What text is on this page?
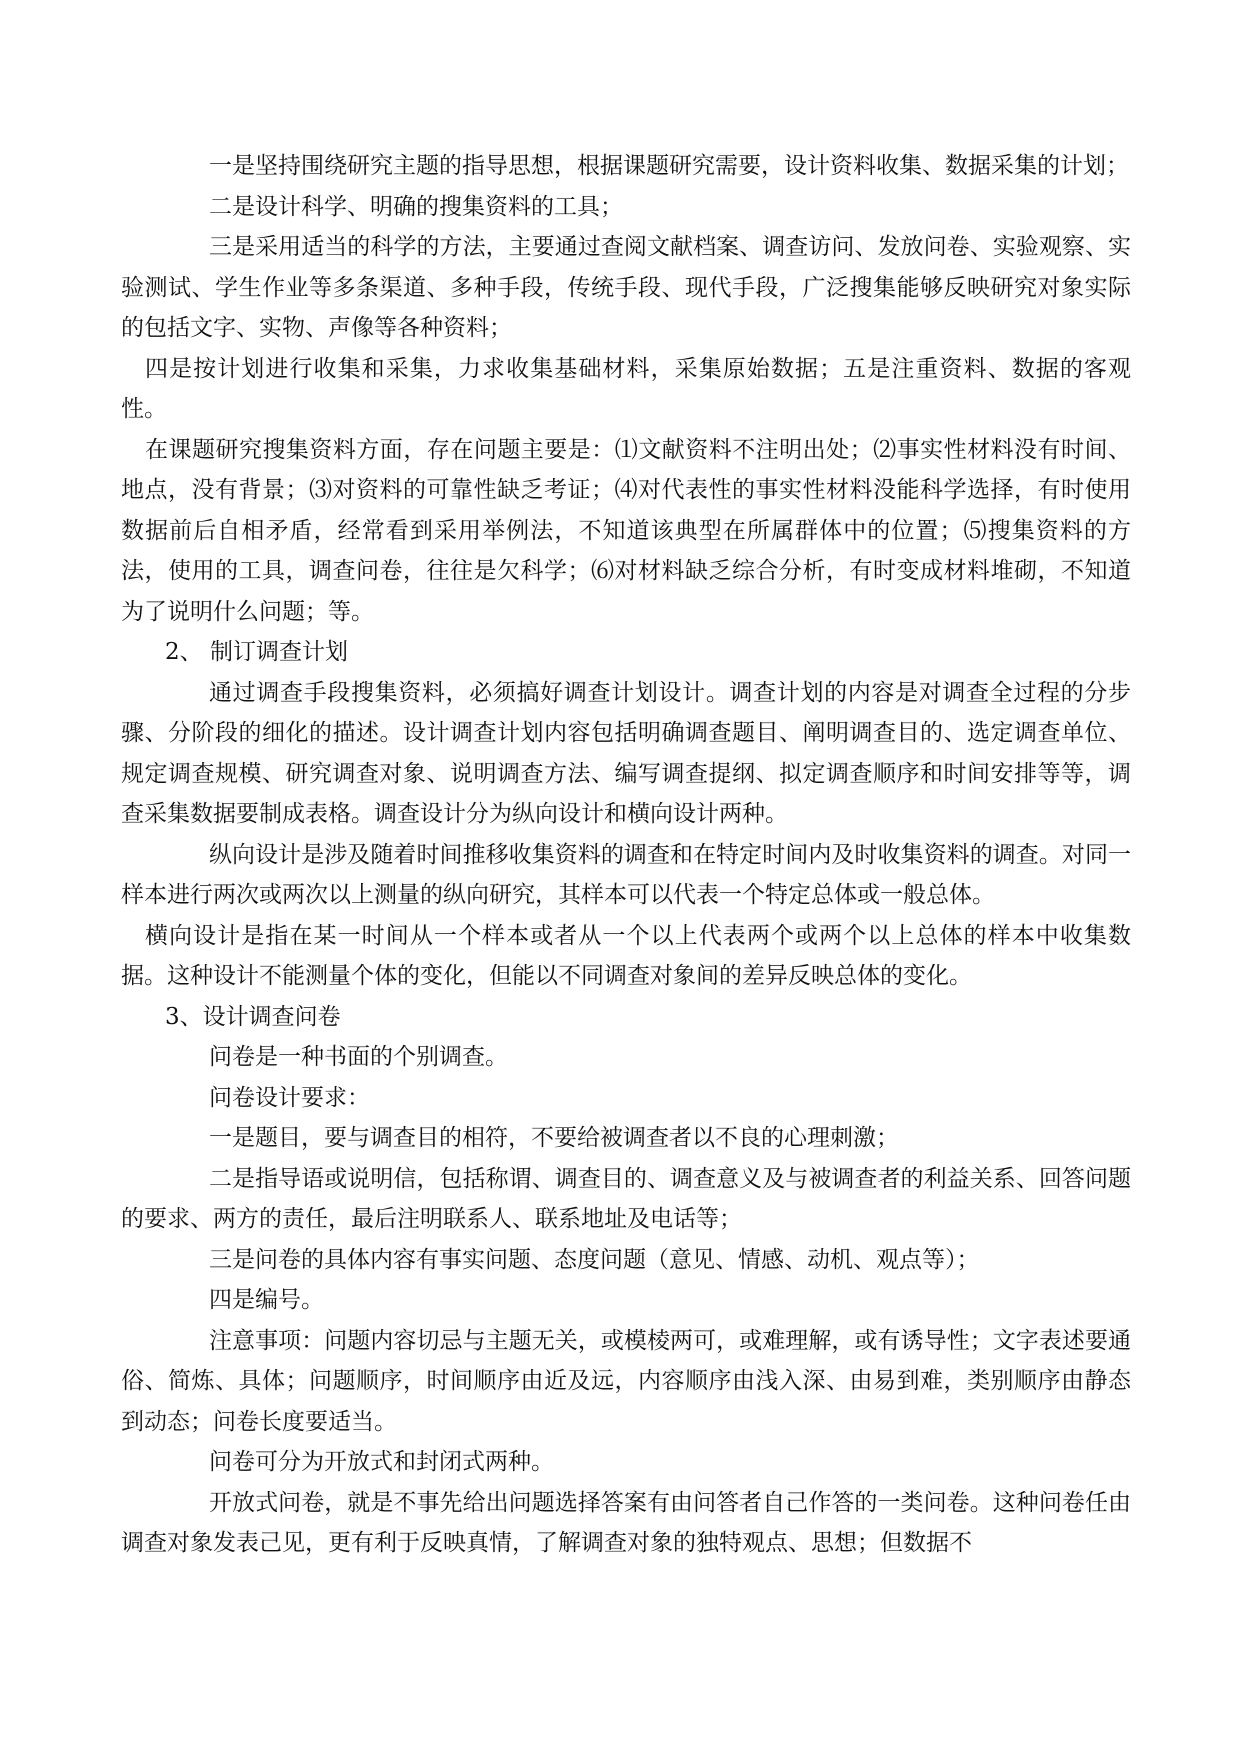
一是坚持围绕研究主题的指导思想，根据课题研究需要，设计资料收集、数据采集的计划；

二是设计科学、明确的搜集资料的工具；

三是采用适当的科学的方法，主要通过查阅文献档案、调查访问、发放问卷、实验观察、实验测试、学生作业等多条渠道、多种手段，传统手段、现代手段，广泛搜集能够反映研究对象实际的包括文字、实物、声像等各种资料；

四是按计划进行收集和采集，力求收集基础材料，采集原始数据；五是注重资料、数据的客观性。

在课题研究搜集资料方面，存在问题主要是：⑴文献资料不注明出处；⑵事实性材料没有时间、地点，没有背景；⑶对资料的可靠性缺乏考证；⑷对代表性的事实性材料没能科学选择，有时使用数据前后自相矛盾，经常看到采用举例法，不知道该典型在所属群体中的位置；⑸搜集资料的方法，使用的工具，调查问卷，往往是欠科学；⑹对材料缺乏综合分析，有时变成材料堆砌，不知道为了说明什么问题；等。

2、 制订调查计划

通过调查手段搜集资料，必须搞好调查计划设计。调查计划的内容是对调查全过程的分步骤、分阶段的细化的描述。设计调查计划内容包括明确调查题目、阐明调查目的、选定调查单位、规定调查规模、研究调查对象、说明调查方法、编写调查提纲、拟定调查顺序和时间安排等等，调查采集数据要制成表格。调查设计分为纵向设计和横向设计两种。

纵向设计是涉及随着时间推移收集资料的调查和在特定时间内及时收集资料的调查。对同一样本进行两次或两次以上测量的纵向研究，其样本可以代表一个特定总体或一般总体。

横向设计是指在某一时间从一个样本或者从一个以上代表两个或两个以上总体的样本中收集数据。这种设计不能测量个体的变化，但能以不同调查对象间的差异反映总体的变化。

3、设计调查问卷

问卷是一种书面的个别调查。

问卷设计要求：

一是题目，要与调查目的相符，不要给被调查者以不良的心理刺激；

二是指导语或说明信，包括称谓、调查目的、调查意义及与被调查者的利益关系、回答问题的要求、两方的责任，最后注明联系人、联系地址及电话等；

三是问卷的具体内容有事实问题、态度问题（意见、情感、动机、观点等）；

四是编号。

注意事项：问题内容切忌与主题无关，或模棱两可，或难理解，或有诱导性；文字表述要通俗、简炼、具体；问题顺序，时间顺序由近及远，内容顺序由浅入深、由易到难，类别顺序由静态到动态；问卷长度要适当。

问卷可分为开放式和封闭式两种。

开放式问卷，就是不事先给出问题选择答案有由问答者自己作答的一类问卷。这种问卷任由调查对象发表己见，更有利于反映真情，了解调查对象的独特观点、思想；但数据不
